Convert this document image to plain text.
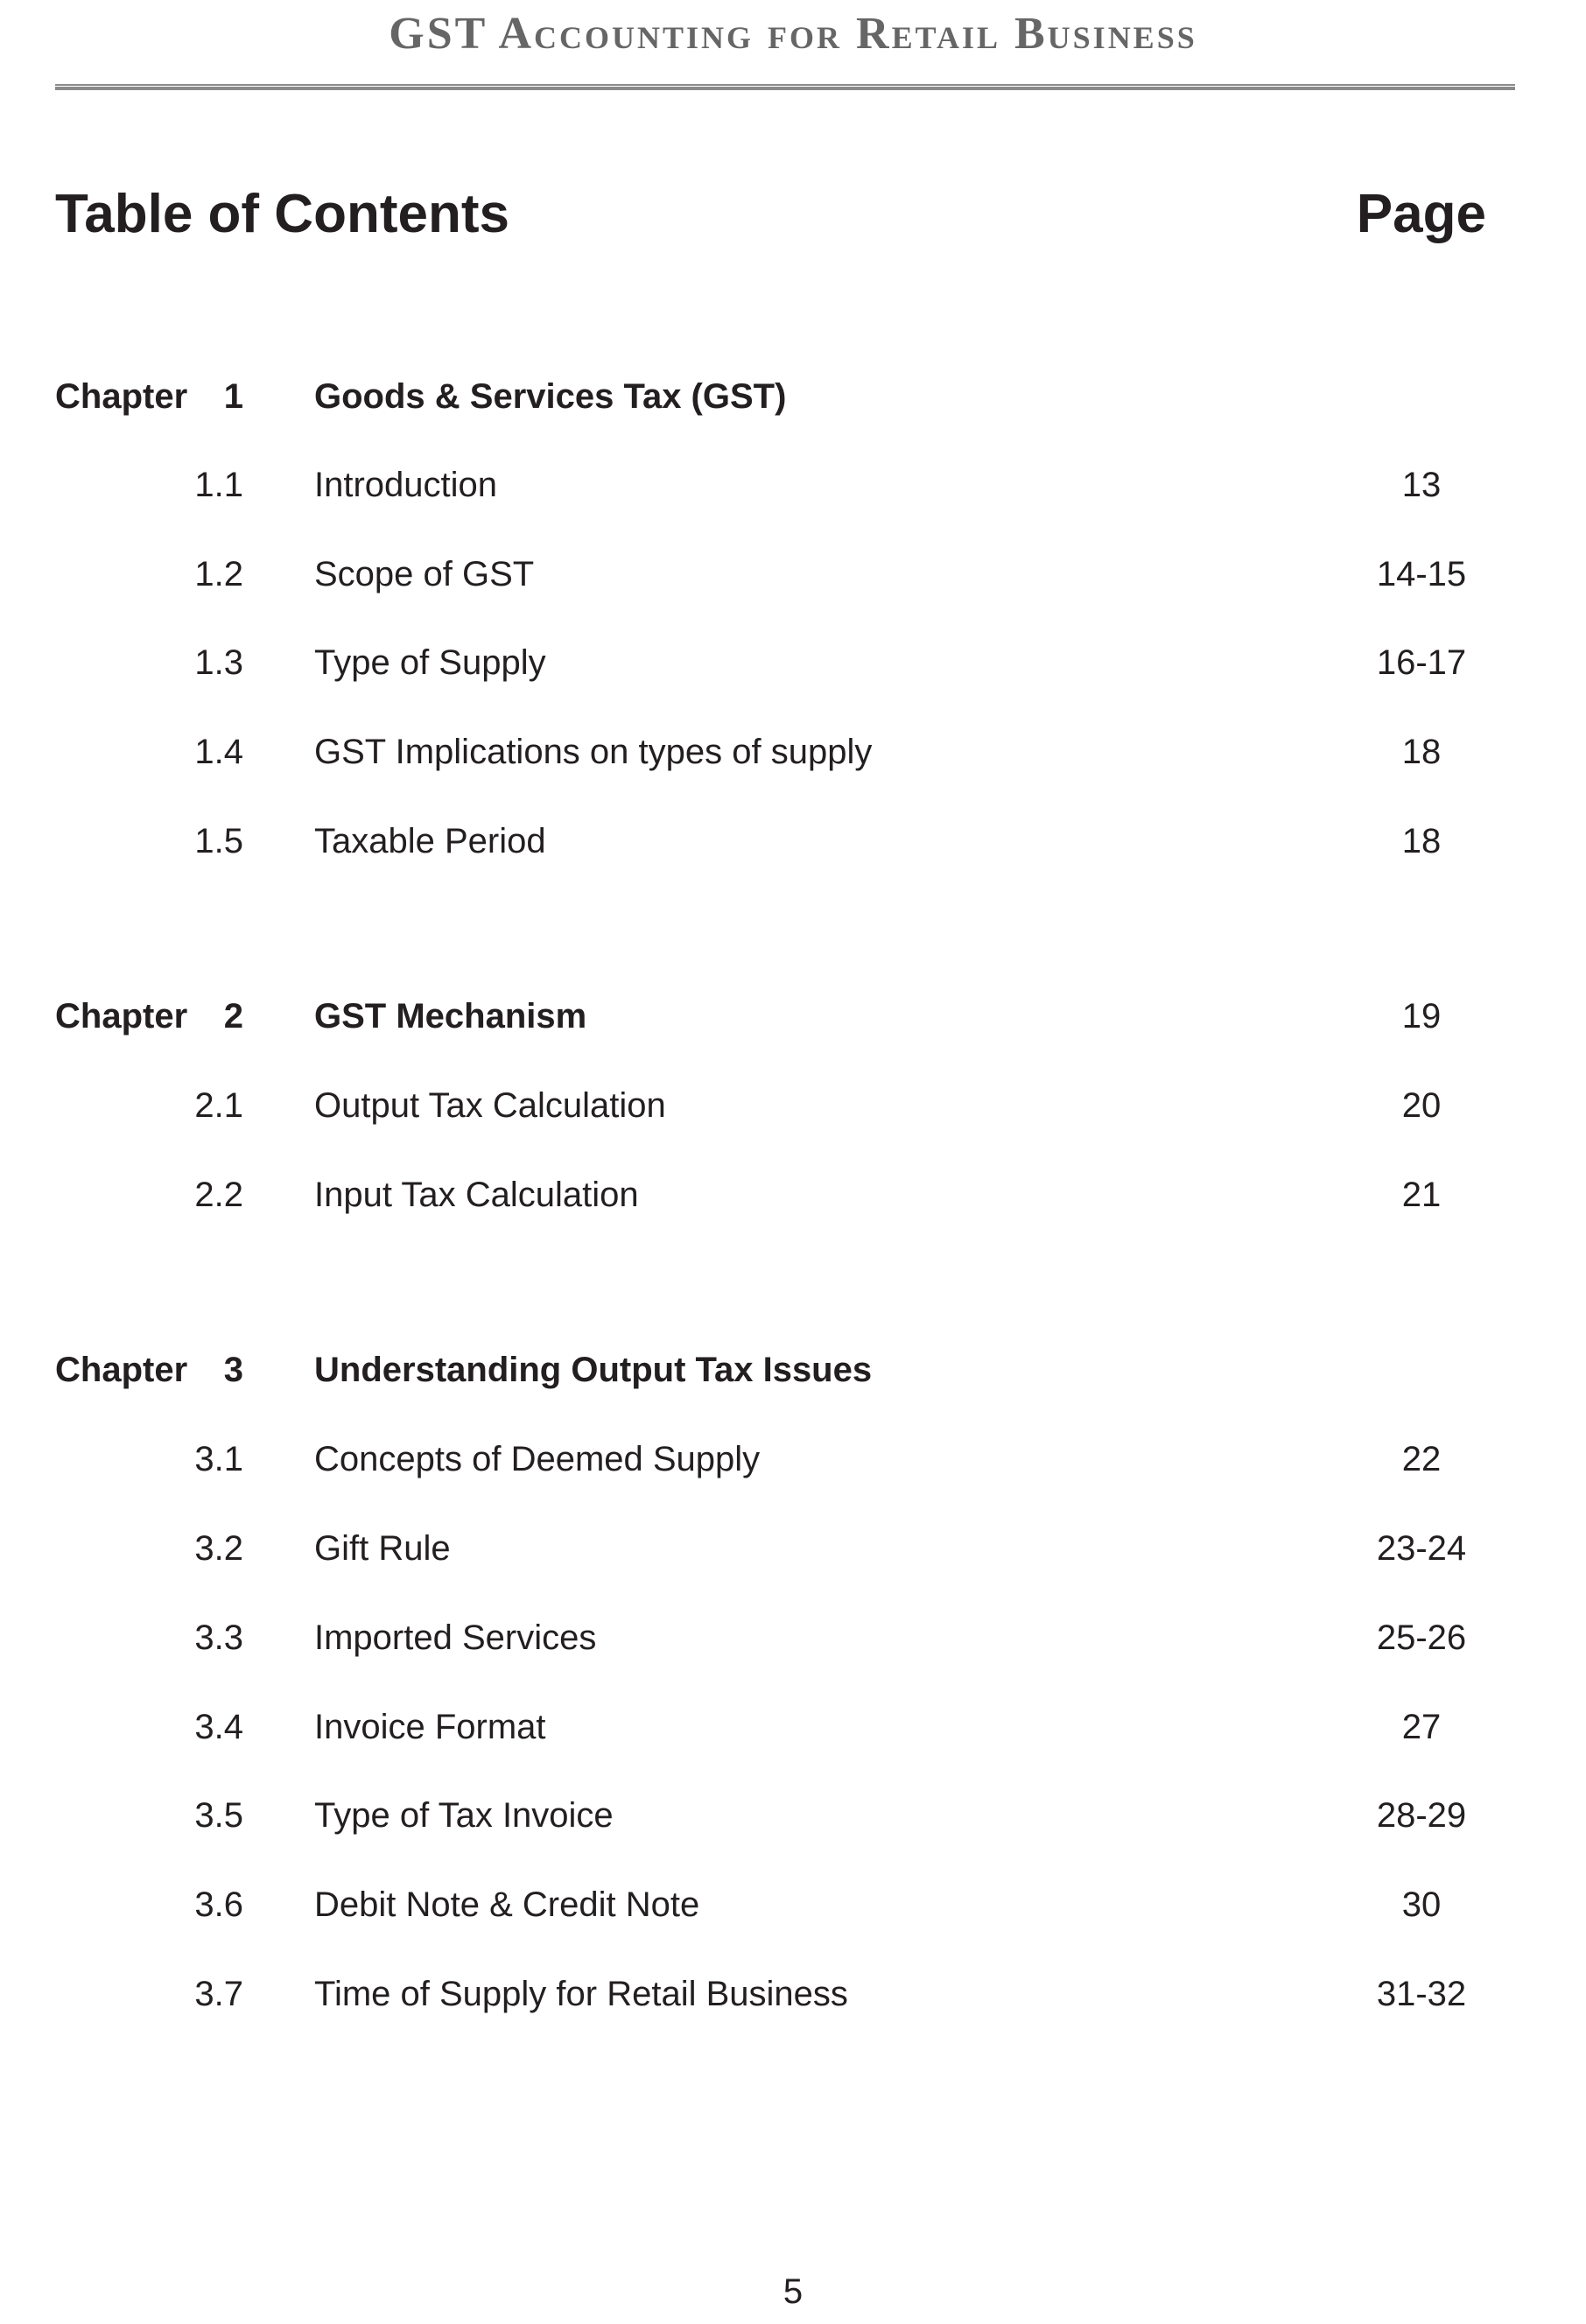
GST Accounting for Retail Business
Table of Contents	Page
Chapter 1 Goods & Services Tax (GST)
1.1 Introduction	13
1.2 Scope of GST	14-15
1.3 Type of Supply	16-17
1.4 GST Implications on types of supply	18
1.5 Taxable Period	18
Chapter 2 GST Mechanism	19
2.1 Output Tax Calculation	20
2.2 Input Tax Calculation	21
Chapter 3 Understanding Output Tax Issues
3.1 Concepts of Deemed Supply	22
3.2 Gift Rule	23-24
3.3 Imported Services	25-26
3.4 Invoice Format	27
3.5 Type of Tax Invoice	28-29
3.6 Debit Note & Credit Note	30
3.7 Time of Supply for Retail Business	31-32
5
